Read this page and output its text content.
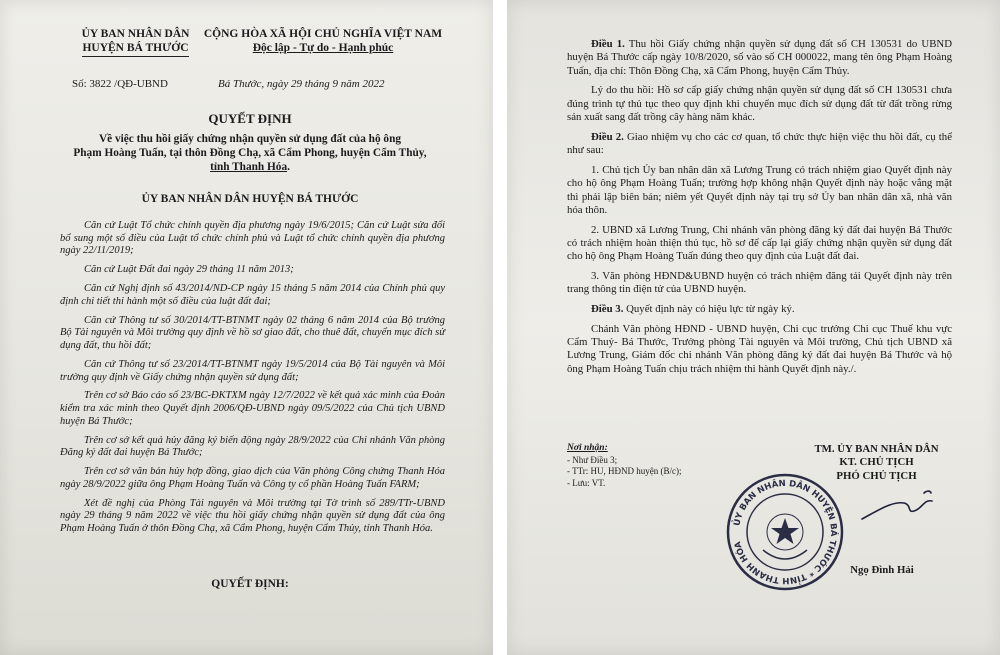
ỦY BAN NHÂN DÂN
HUYỆN BÁ THƯỚC
CỘNG HÒA XÃ HỘI CHỦ NGHĨA VIỆT NAM
Độc lập - Tự do - Hạnh phúc
Số: 3822 /QĐ-UBND	Bá Thước, ngày 29 tháng 9 năm 2022
QUYẾT ĐỊNH
Về việc thu hồi giấy chứng nhận quyền sử dụng đất của hộ ông
Phạm Hoàng Tuấn, tại thôn Đồng Chạ, xã Cẩm Phong, huyện Cẩm Thủy,
tỉnh Thanh Hóa.
ỦY BAN NHÂN DÂN HUYỆN BÁ THƯỚC

Căn cứ Luật Tổ chức chính quyền địa phương ngày 19/6/2015; Căn cứ Luật sửa đổi bổ sung một số điều của Luật tổ chức chính phủ và Luật tổ chức chính quyền địa phương ngày 22/11/2019;

Căn cứ Luật Đất đai ngày 29 tháng 11 năm 2013;

Căn cứ Nghị định số 43/2014/ND-CP ngày 15 tháng 5 năm 2014 của Chính phủ quy định chi tiết thi hành một số điều của luật đất đai;

Căn cứ Thông tư số 30/2014/TT-BTNMT ngày 02 tháng 6 năm 2014 của Bộ trưởng Bộ Tài nguyên và Môi trường quy định về hồ sơ giao đất, cho thuê đất, chuyển mục đích sử dụng đất, thu hồi đất;

Căn cứ Thông tư số 23/2014/TT-BTNMT ngày 19/5/2014 của Bộ Tài nguyên và Môi trường quy định về Giấy chứng nhận quyền sử dụng đất;

Trên cơ sở Báo cáo số 23/BC-ĐKTXM ngày 12/7/2022 về kết quả xác minh của Đoàn kiểm tra xác minh theo Quyết định 2006/QĐ-UBND ngày 09/5/2022 của Chủ tịch UBND huyện Bá Thước;

Trên cơ sở kết quả hủy đăng ký biến động ngày 28/9/2022 của Chi nhánh Văn phòng Đăng ký đất đai huyện Bá Thước;

Trên cơ sở văn bản hủy hợp đồng, giao dịch của Văn phòng Công chứng Thanh Hóa ngày 28/9/2022 giữa ông Phạm Hoàng Tuấn và Công ty cổ phần Hoàng Tuấn FARM;

Xét đề nghị của Phòng Tài nguyên và Môi trường tại Tờ trình số 289/TTr-UBND ngày 29 tháng 9 năm 2022 về việc thu hồi giấy chứng nhận quyền sử dụng đất của ông Phạm Hoàng Tuấn ở thôn Đồng Chạ, xã Cẩm Phong, huyện Cẩm Thủy, tỉnh Thanh Hóa.

QUYẾT ĐỊNH:

Điều 1. Thu hồi Giấy chứng nhận quyền sử dụng đất số CH 130531 do UBND huyện Bá Thước cấp ngày 10/8/2020, số vào số CH 000022, mang tên ông Phạm Hoàng Tuấn, địa chỉ: Thôn Đồng Chạ, xã Cẩm Phong, huyện Cẩm Thủy.

Lý do thu hồi: Hồ sơ cấp giấy chứng nhận quyền sử dụng đất số CH 130531 chưa đúng trình tự thủ tục theo quy định khi chuyển mục đích sử dụng đất từ đất trồng rừng sản xuất sang đất trồng cây hàng năm khác.

Điều 2. Giao nhiệm vụ cho các cơ quan, tổ chức thực hiện việc thu hồi đất, cụ thể như sau:

1. Chủ tịch Ủy ban nhân dân xã Lương Trung có trách nhiệm giao Quyết định này cho hộ ông Phạm Hoàng Tuấn; trường hợp không nhận Quyết định này hoặc vắng mặt thì phải lập biên bản; niêm yết Quyết định này tại trụ sở Ủy ban nhân dân xã, nhà văn hóa thôn.

2. UBND xã Lương Trung, Chi nhánh văn phòng đăng ký đất đai huyện Bá Thước có trách nhiệm hoàn thiện thủ tục, hồ sơ để cấp lại giấy chứng nhận quyền sử dụng đất cho hộ ông Phạm Hoàng Tuấn đúng theo quy định của Luật đất đai.

3. Văn phòng HĐND&UBND huyện có trách nhiệm đăng tải Quyết định này trên trang thông tin điện tử của UBND huyện.

Điều 3. Quyết định này có hiệu lực từ ngày ký.

Chánh Văn phòng HĐND - UBND huyện, Chi cục trưởng Chi cục Thuế khu vực Cẩm Thuỷ- Bá Thước, Trưởng phòng Tài nguyên và Môi trường, Chủ tịch UBND xã Lương Trung, Giám đốc chi nhánh Văn phòng đăng ký đất đai huyện Bá Thước và hộ ông Phạm Hoàng Tuấn chịu trách nhiệm thi hành Quyết định này./.

Nơi nhận:
- Như Điều 3;
- TTr: HU, HĐND huyện (B/c);
- Lưu: VT.
TM. ỦY BAN NHÂN DÂN
KT. CHỦ TỊCH
PHÓ CHỦ TỊCH
ỦY BAN NHÂN DÂN HUYỆN BÁ THƯỚC * TỈNH THANH HÓA
Ngọ Đình Hải
